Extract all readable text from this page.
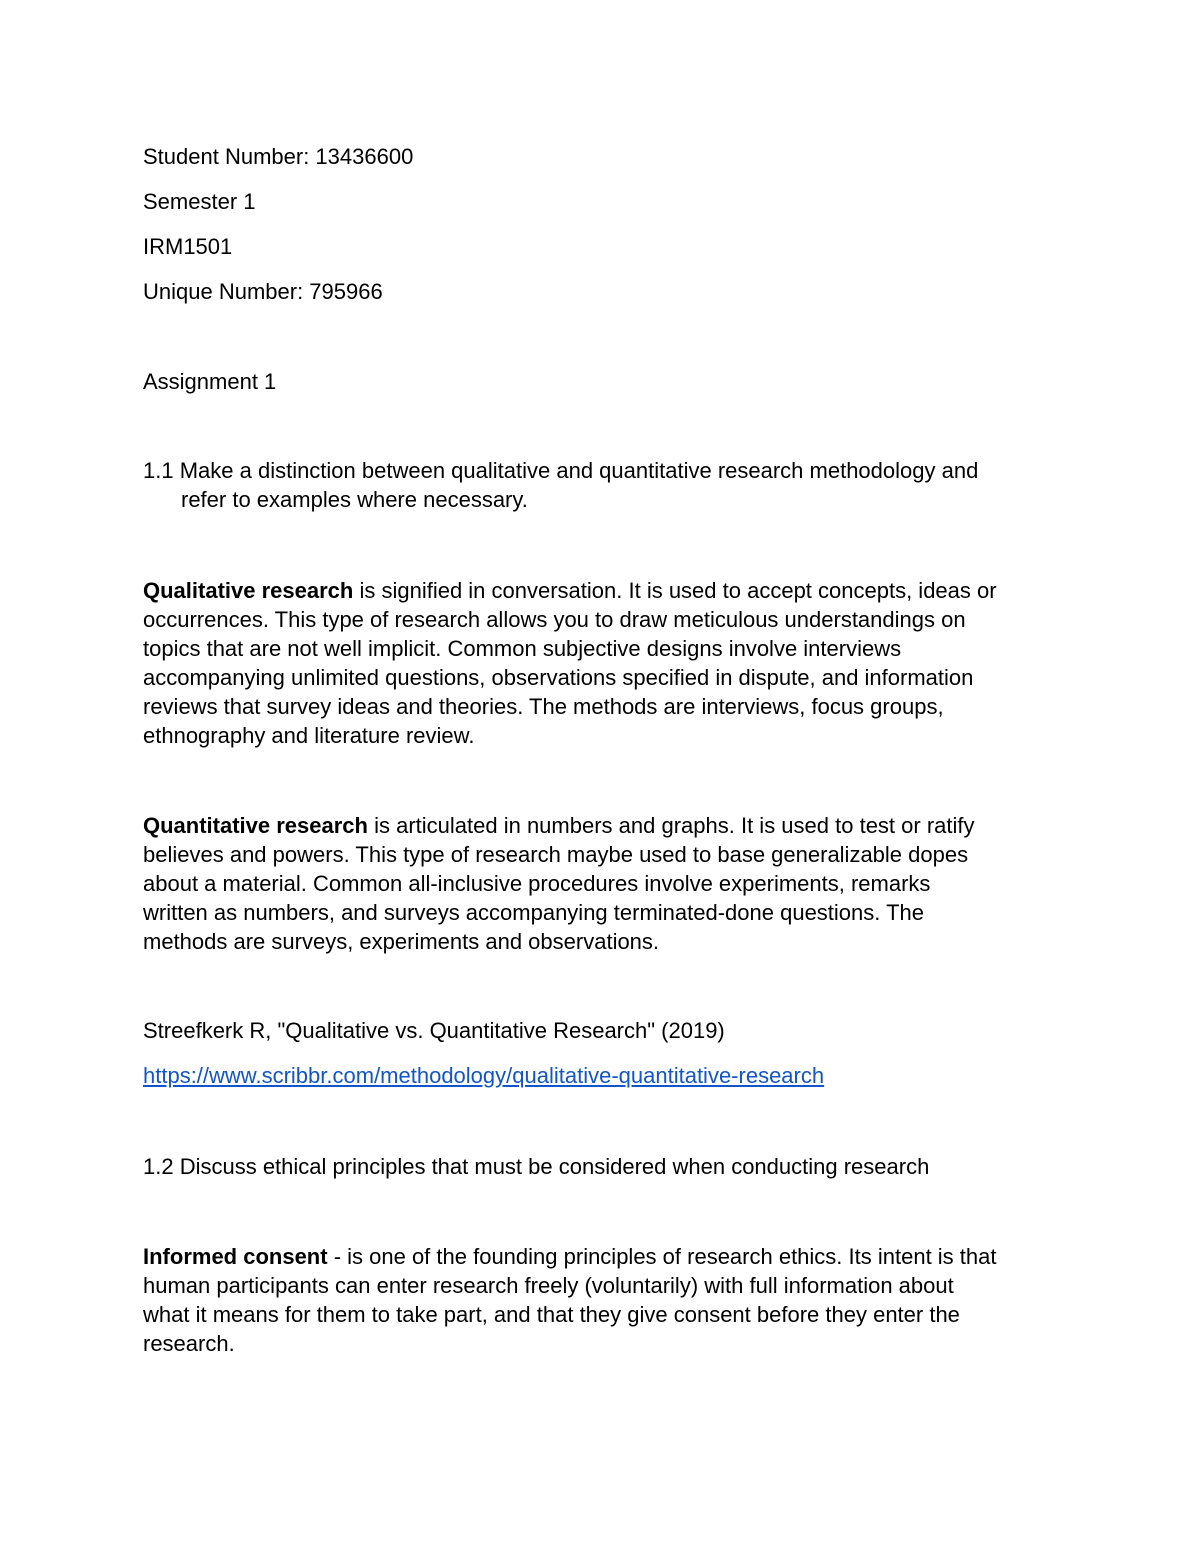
Student Number: 13436600

Semester 1

IRM1501

Unique Number: 795966

Assignment 1

1.1 Make a distinction between qualitative and quantitative research methodology and

refer to examples where necessary.

Qualitative research is signified in conversation. It is used to accept concepts, ideas or
occurrences. This type of research allows you to draw meticulous understandings on
topics that are not well implicit. Common subjective designs involve interviews
accompanying unlimited questions, observations specified in dispute, and information
reviews that survey ideas and theories. The methods are interviews, focus groups,
ethnography and literature review.
Quantitative research is articulated in numbers and graphs. It is used to test or ratify
believes and powers. This type of research maybe used to base generalizable dopes
about a material. Common all-inclusive procedures involve experiments, remarks
written as numbers, and surveys accompanying terminated-done questions. The
methods are surveys, experiments and observations.

Streefkerk R, "Qualitative vs. Quantitative Research" (2019)

https://www.scribbr.com/methodology/qualitative-quantitative-research

1.2 Discuss ethical principles that must be considered when conducting research

Informed consent - is one of the founding principles of research ethics. Its intent is that
human participants can enter research freely (voluntarily) with full information about
what it means for them to take part, and that they give consent before they enter the
research.
